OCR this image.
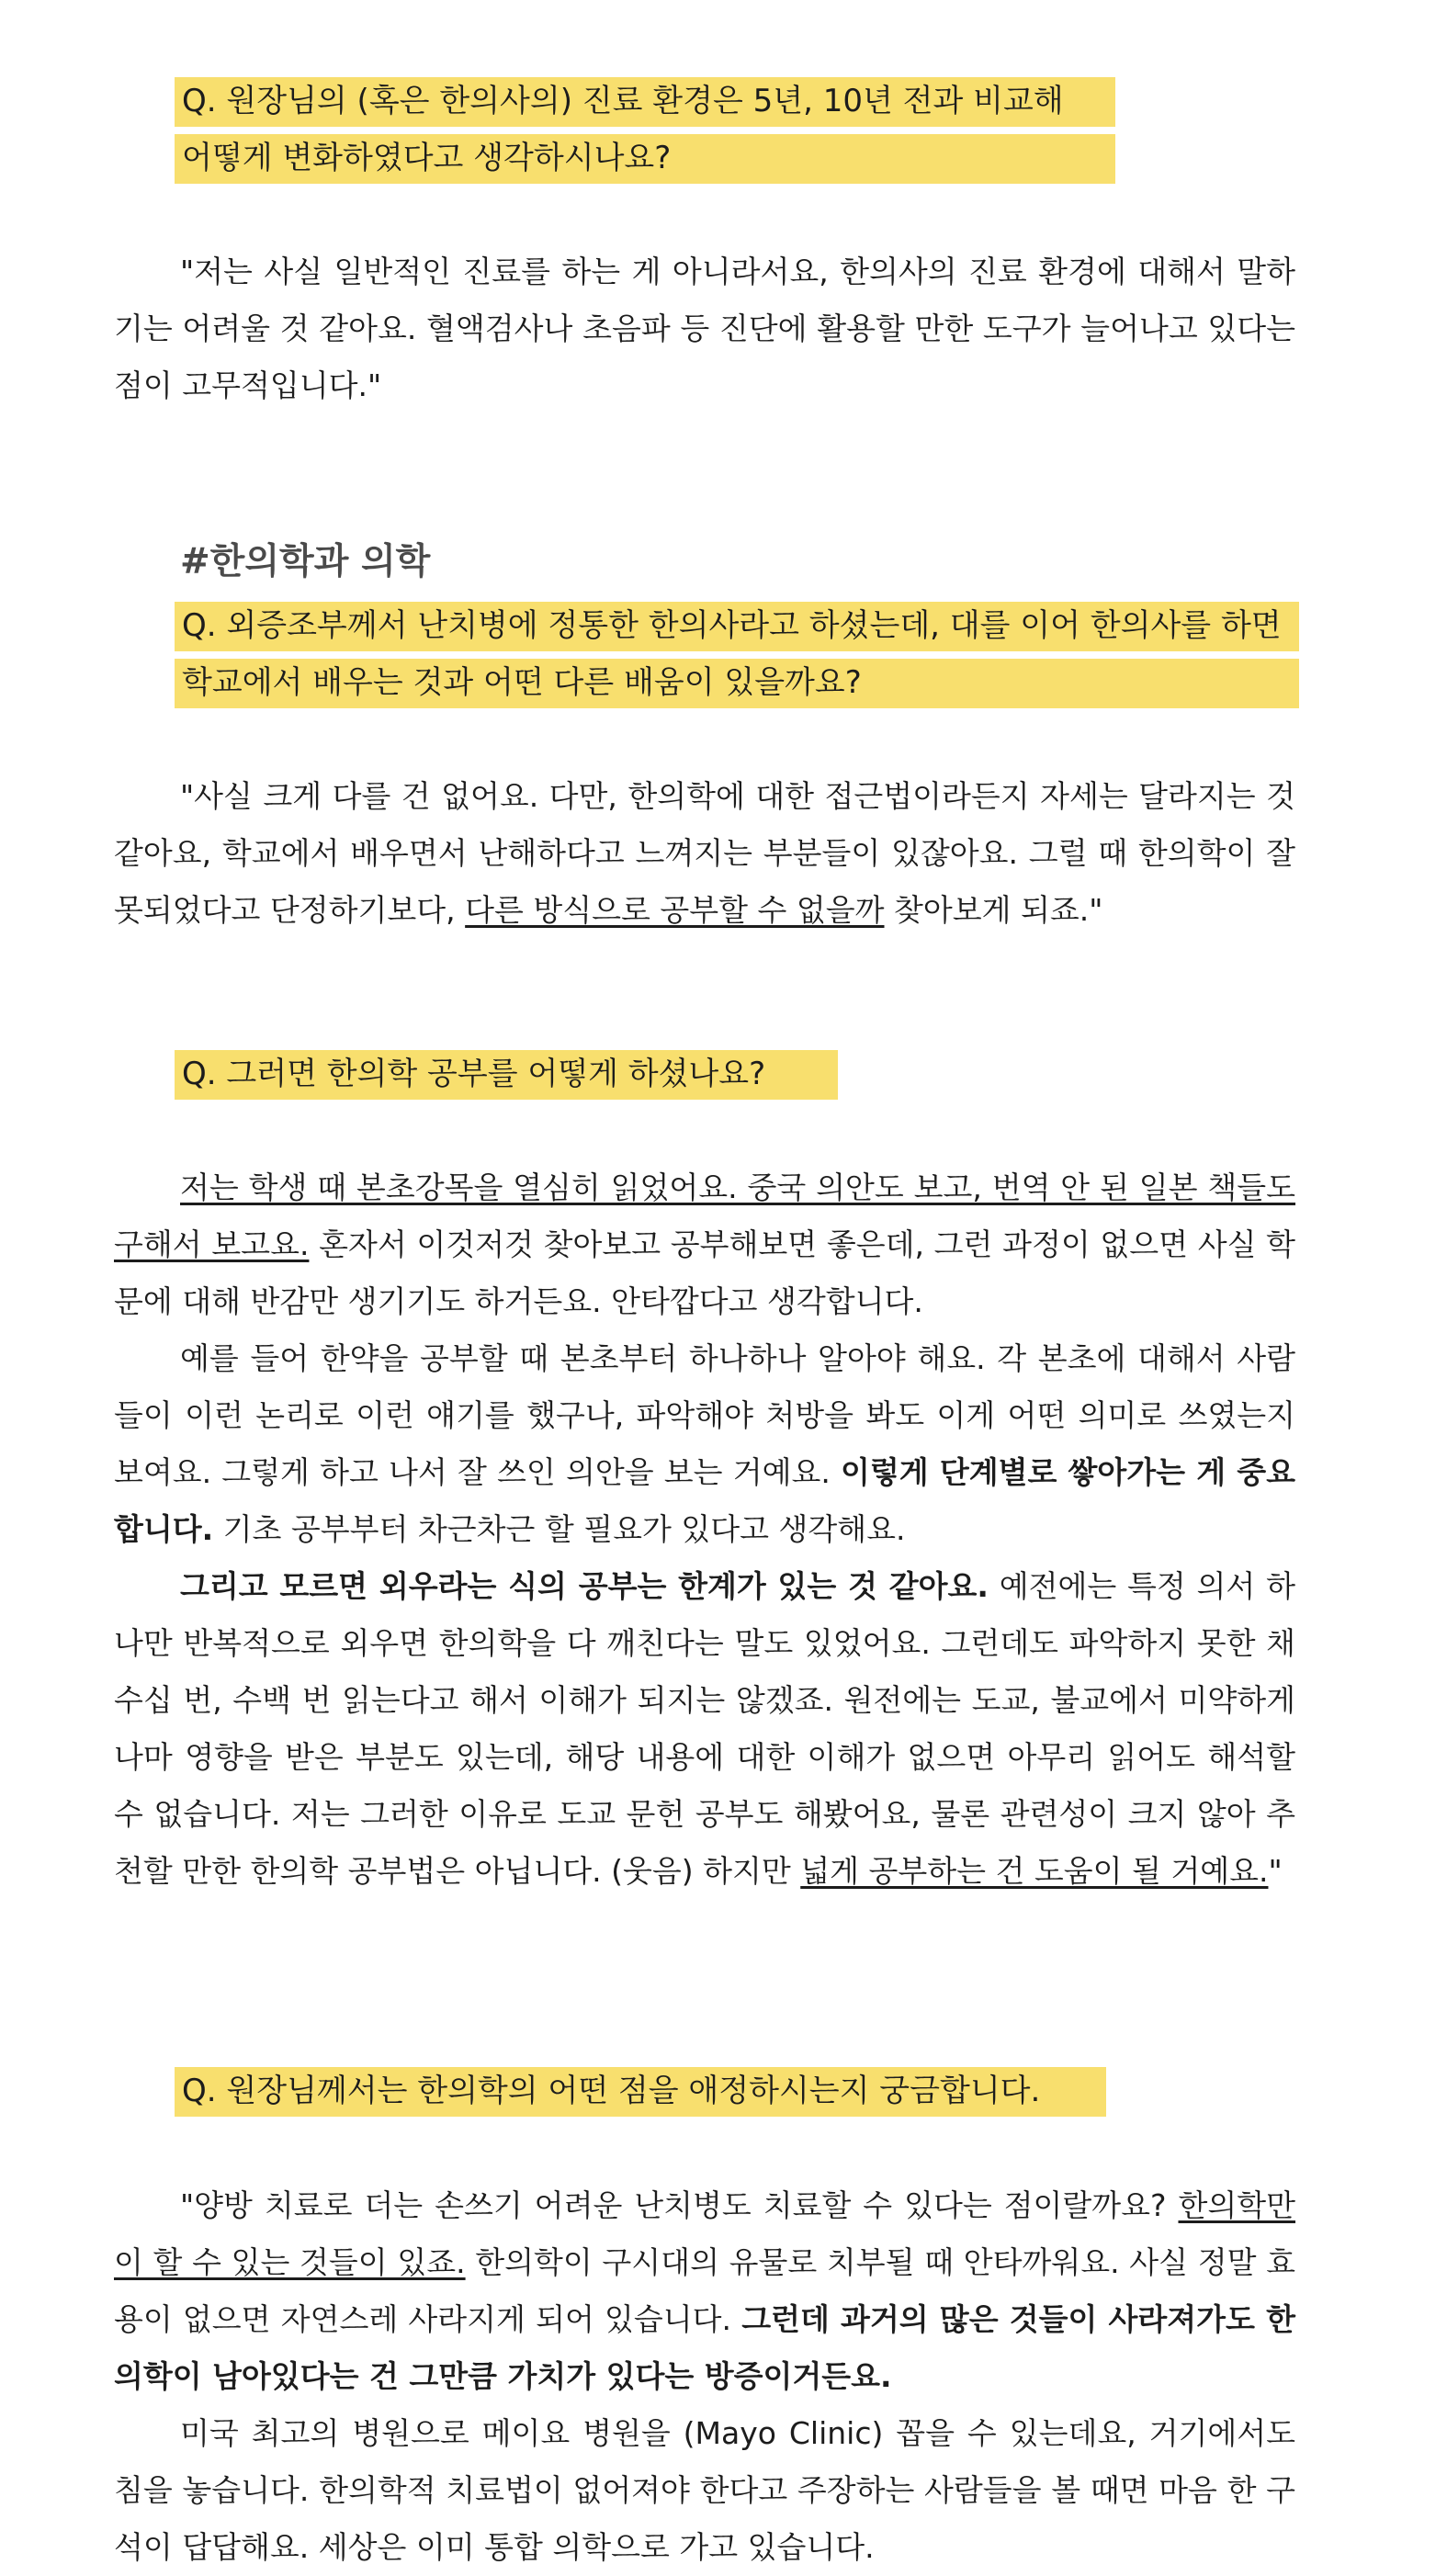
Q. 원장님의 (혹은 한의사의) 진료 환경은 5년, 10년 전과 비교해

어떻게 변화하였다고 생각하시나요?

"저는 사실 일반적인 진료를 하는 게 아니라서요, 한의사의 진료 환경에 대해서 말하기는 어려울 것 같아요. 혈액검사나 초음파 등 진단에 활용할 만한 도구가 늘어나고 있다는 점이 고무적입니다."

#한의학과 의학

Q. 외증조부께서 난치병에 정통한 한의사라고 하셨는데, 대를 이어 한의사를 하면

학교에서 배우는 것과 어떤 다른 배움이 있을까요?

"사실 크게 다를 건 없어요. 다만, 한의학에 대한 접근법이라든지 자세는 달라지는 것 같아요, 학교에서 배우면서 난해하다고 느껴지는 부분들이 있잖아요. 그럴 때 한의학이 잘못되었다고 단정하기보다, 다른 방식으로 공부할 수 없을까 찾아보게 되죠."

Q. 그러면 한의학 공부를 어떻게 하셨나요?

저는 학생 때 본초강목을 열심히 읽었어요. 중국 의안도 보고, 번역 안 된 일본 책들도 구해서 보고요. 혼자서 이것저것 찾아보고 공부해보면 좋은데, 그런 과정이 없으면 사실 학문에 대해 반감만 생기기도 하거든요. 안타깝다고 생각합니다.

예를 들어 한약을 공부할 때 본초부터 하나하나 알아야 해요. 각 본초에 대해서 사람들이 이런 논리로 이런 얘기를 했구나, 파악해야 처방을 봐도 이게 어떤 의미로 쓰였는지 보여요. 그렇게 하고 나서 잘 쓰인 의안을 보는 거예요. 이렇게 단계별로 쌓아가는 게 중요합니다. 기초 공부부터 차근차근 할 필요가 있다고 생각해요.

그리고 모르면 외우라는 식의 공부는 한계가 있는 것 같아요. 예전에는 특정 의서 하나만 반복적으로 외우면 한의학을 다 깨친다는 말도 있었어요. 그런데도 파악하지 못한 채 수십 번, 수백 번 읽는다고 해서 이해가 되지는 않겠죠. 원전에는 도교, 불교에서 미약하게나마 영향을 받은 부분도 있는데, 해당 내용에 대한 이해가 없으면 아무리 읽어도 해석할 수 없습니다. 저는 그러한 이유로 도교 문헌 공부도 해봤어요, 물론 관련성이 크지 않아 추천할 만한 한의학 공부법은 아닙니다. (웃음) 하지만 넓게 공부하는 건 도움이 될 거예요."

Q. 원장님께서는 한의학의 어떤 점을 애정하시는지 궁금합니다.

"양방 치료로 더는 손쓰기 어려운 난치병도 치료할 수 있다는 점이랄까요? 한의학만이 할 수 있는 것들이 있죠. 한의학이 구시대의 유물로 치부될 때 안타까워요. 사실 정말 효용이 없으면 자연스레 사라지게 되어 있습니다. 그런데 과거의 많은 것들이 사라져가도 한의학이 남아있다는 건 그만큼 가치가 있다는 방증이거든요.

미국 최고의 병원으로 메이요 병원을 (Mayo Clinic) 꼽을 수 있는데요, 거기에서도 침을 놓습니다. 한의학적 치료법이 없어져야 한다고 주장하는 사람들을 볼 때면 마음 한 구석이 답답해요. 세상은 이미 통합 의학으로 가고 있습니다.
